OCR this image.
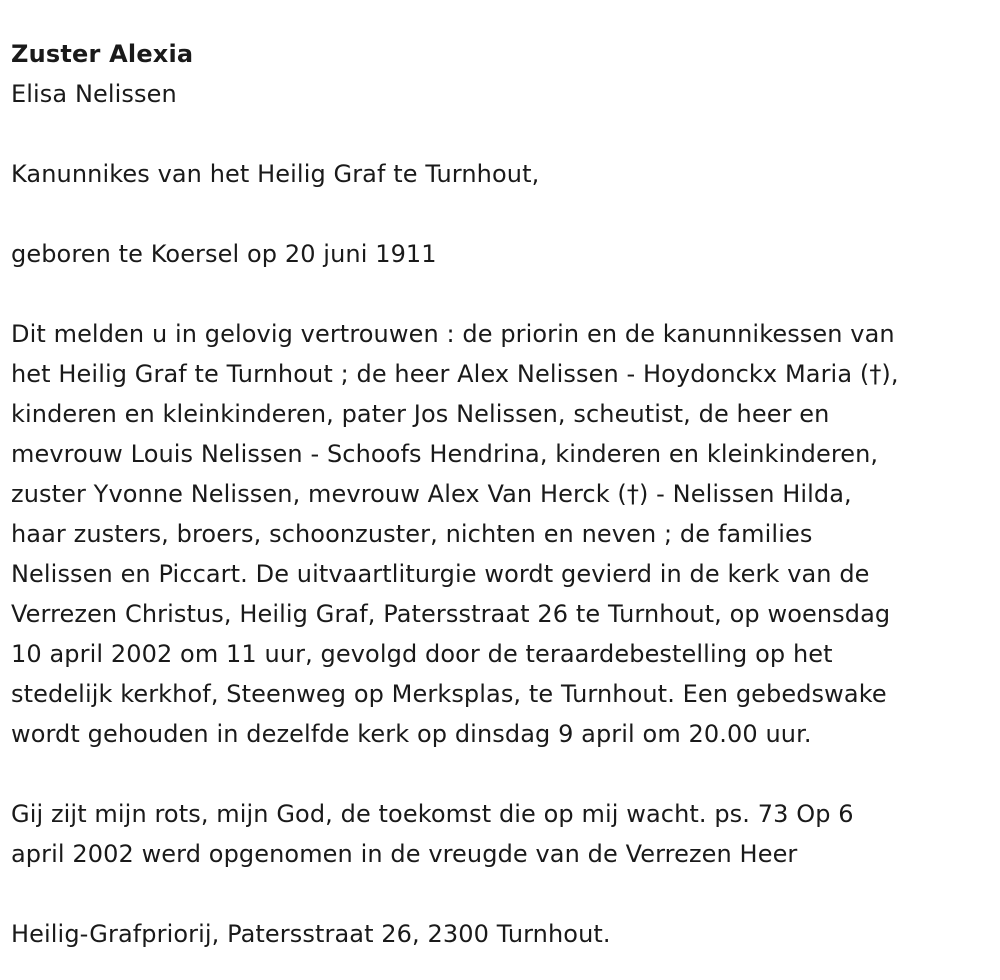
Zuster Alexia

Elisa Nelissen

Kanunnikes van het Heilig Graf te Turnhout,

geboren te Koersel op 20 juni 1911

Dit melden u in gelovig vertrouwen : de priorin en de kanunnikessen van
het Heilig Graf te Turnhout ; de heer Alex Nelissen - Hoydonckx Maria (†),
kinderen en kleinkinderen, pater Jos Nelissen, scheutist, de heer en
mevrouw Louis Nelissen - Schoofs Hendrina, kinderen en kleinkinderen,
zuster Yvonne Nelissen, mevrouw Alex Van Herck (†) - Nelissen Hilda,
haar zusters, broers, schoonzuster, nichten en neven ; de families
Nelissen en Piccart. De uitvaartliturgie wordt gevierd in de kerk van de
Verrezen Christus, Heilig Graf, Patersstraat 26 te Turnhout, op woensdag
10 april 2002 om 11 uur, gevolgd door de teraardebestelling op het
stedelijk kerkhof, Steenweg op Merksplas, te Turnhout. Een gebedswake
wordt gehouden in dezelfde kerk op dinsdag 9 april om 20.00 uur.

Gij zijt mijn rots, mijn God, de toekomst die op mij wacht. ps. 73 Op 6
april 2002 werd opgenomen in de vreugde van de Verrezen Heer

Heilig-Grafpriorij, Patersstraat 26, 2300 Turnhout.
